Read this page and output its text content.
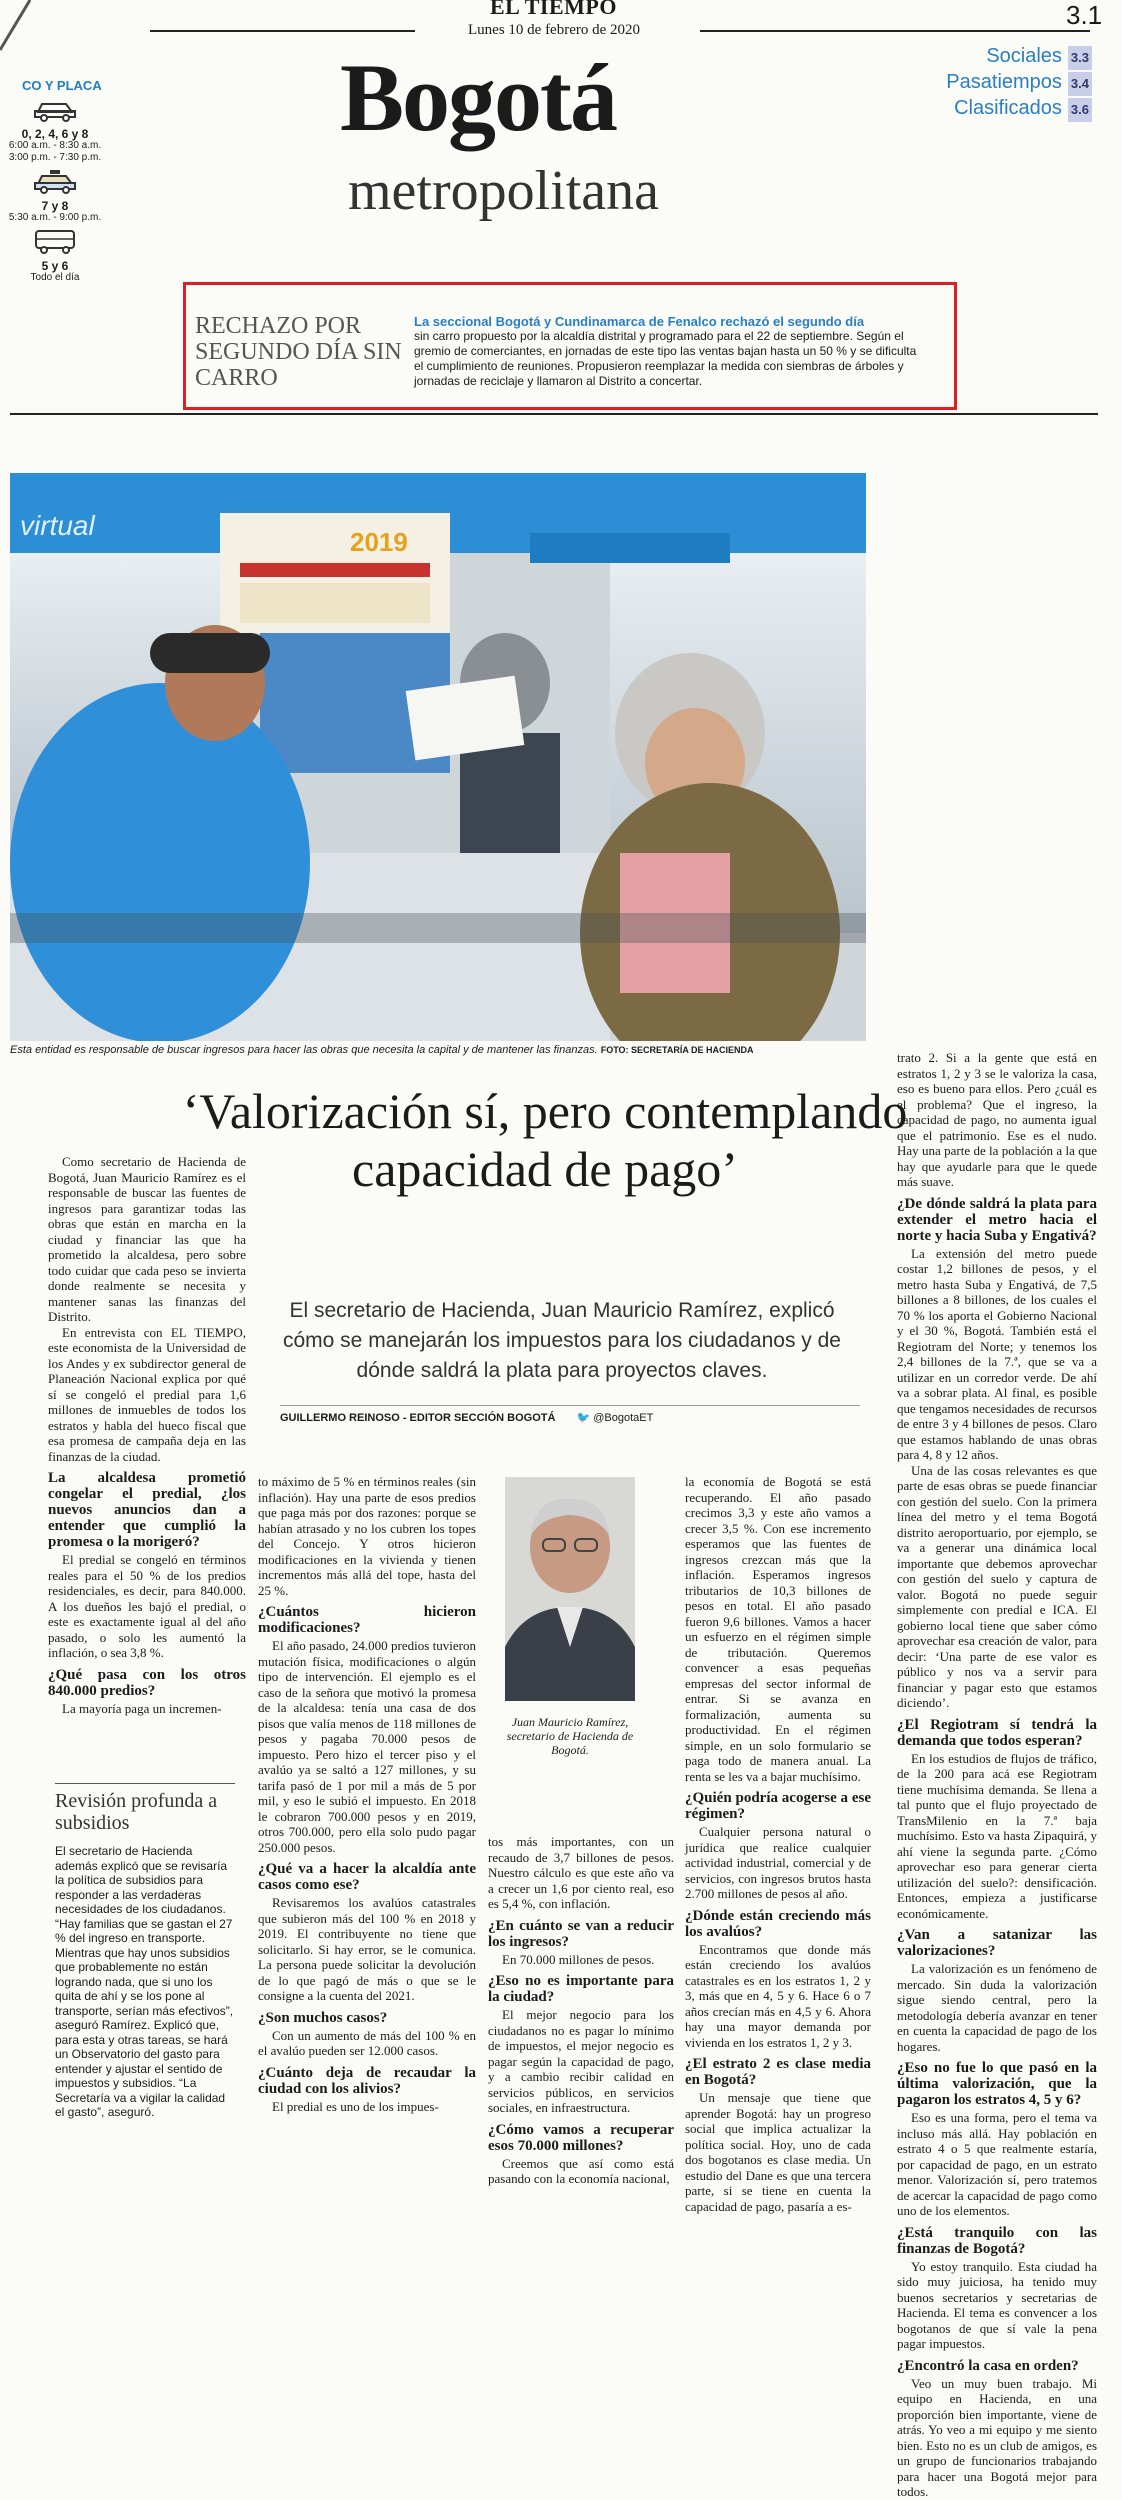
EL TIEMPO
Lunes 10 de febrero de 2020	3.1
Bogotá
metropolitana
Sociales 3.3
Pasatiempos 3.4
Clasificados 3.6
CO Y PLACA
0, 2, 4, 6 y 8
6:00 a.m. - 8:30 a.m. 3:00 p.m. - 7:30 p.m.
7 y 8
5:30 a.m. - 9:00 p.m.
5 y 6
Todo el día
RECHAZO POR SEGUNDO DÍA SIN CARRO
La seccional Bogotá y Cundinamarca de Fenalco rechazó el segundo día
sin carro propuesto por la alcaldía distrital y programado para el 22 de septiembre. Según el gremio de comerciantes, en jornadas de este tipo las ventas bajan hasta un 50 % y se dificulta el cumplimiento de reuniones. Propusieron reemplazar la medida con siembras de árboles y jornadas de reciclaje y llamaron al Distrito a concertar.
virtual
2019
Esta entidad es responsable de buscar ingresos para hacer las obras que necesita la capital y de mantener las finanzas. FOTO: SECRETARÍA DE HACIENDA
‘Valorización sí, pero contemplando capacidad de pago’
El secretario de Hacienda, Juan Mauricio Ramírez, explicó cómo se manejarán los impuestos para los ciudadanos y de dónde saldrá la plata para proyectos claves.
GUILLERMO REINOSO - EDITOR SECCIÓN BOGOTÁ 🐦 @BogotaET

Como secretario de Hacienda de Bogotá, Juan Mauricio Ramírez es el responsable de buscar las fuentes de ingresos para garantizar todas las obras que están en marcha en la ciudad y financiar las que ha prometido la alcaldesa, pero sobre todo cuidar que cada peso se invierta donde realmente se necesita y mantener sanas las finanzas del Distrito.

En entrevista con EL TIEMPO, este economista de la Universidad de los Andes y ex subdirector general de Planeación Nacional explica por qué sí se congeló el predial para 1,6 millones de inmuebles de todos los estratos y habla del hueco fiscal que esa promesa de campaña deja en las finanzas de la ciudad.

La alcaldesa prometió congelar el predial, ¿los nuevos anuncios dan a entender que cumplió la promesa o la morigeró?

El predial se congeló en términos reales para el 50 % de los predios residenciales, es decir, para 840.000. A los dueños les bajó el predial, o este es exactamente igual al del año pasado, o solo les aumentó la inflación, o sea 3,8 %.

¿Qué pasa con los otros 840.000 predios?

La mayoría paga un incremen-

to máximo de 5 % en términos reales (sin inflación). Hay una parte de esos predios que paga más por dos razones: porque se habían atrasado y no los cubren los topes del Concejo. Y otros hicieron modificaciones en la vivienda y tienen incrementos más allá del tope, hasta del 25 %.

¿Cuántos hicieron modificaciones?

El año pasado, 24.000 predios tuvieron mutación física, modificaciones o algún tipo de intervención. El ejemplo es el caso de la señora que motivó la promesa de la alcaldesa: tenía una casa de dos pisos que valía menos de 118 millones de pesos y pagaba 70.000 pesos de impuesto. Pero hizo el tercer piso y el avalúo ya se saltó a 127 millones, y su tarifa pasó de 1 por mil a más de 5 por mil, y eso le subió el impuesto. En 2018 le cobraron 700.000 pesos y en 2019, otros 700.000, pero ella solo pudo pagar 250.000 pesos.

¿Qué va a hacer la alcaldía ante casos como ese?

Revisaremos los avalúos catastrales que subieron más del 100 % en 2018 y 2019. El contribuyente no tiene que solicitarlo. Si hay error, se le comunica. La persona puede solicitar la devolución de lo que pagó de más o que se le consigne a la cuenta del 2021.

¿Son muchos casos?

Con un aumento de más del 100 % en el avalúo pueden ser 12.000 casos.

¿Cuánto deja de recaudar la ciudad con los alivios?

El predial es uno de los impues-

tos más importantes, con un recaudo de 3,7 billones de pesos. Nuestro cálculo es que este año va a crecer un 1,6 por ciento real, eso es 5,4 %, con inflación.

¿En cuánto se van a reducir los ingresos?

En 70.000 millones de pesos.

¿Eso no es importante para la ciudad?

El mejor negocio para los ciudadanos no es pagar lo mínimo de impuestos, el mejor negocio es pagar según la capacidad de pago, y a cambio recibir calidad en servicios públicos, en servicios sociales, en infraestructura.

¿Cómo vamos a recuperar esos 70.000 millones?

Creemos que así como está pasando con la economía nacional,

la economía de Bogotá se está recuperando. El año pasado crecimos 3,3 y este año vamos a crecer 3,5 %. Con ese incremento esperamos que las fuentes de ingresos crezcan más que la inflación. Esperamos ingresos tributarios de 10,3 billones de pesos en total. El año pasado fueron 9,6 billones. Vamos a hacer un esfuerzo en el régimen simple de tributación. Queremos convencer a esas pequeñas empresas del sector informal de entrar. Si se avanza en formalización, aumenta su productividad. En el régimen simple, en un solo formulario se paga todo de manera anual. La renta se les va a bajar muchísimo.

¿Quién podría acogerse a ese régimen?

Cualquier persona natural o jurídica que realice cualquier actividad industrial, comercial y de servicios, con ingresos brutos hasta 2.700 millones de pesos al año.

¿Dónde están creciendo más los avalúos?

Encontramos que donde más están creciendo los avalúos catastrales es en los estratos 1, 2 y 3, más que en 4, 5 y 6. Hace 6 o 7 años crecían más en 4,5 y 6. Ahora hay una mayor demanda por vivienda en los estratos 1, 2 y 3.

¿El estrato 2 es clase media en Bogotá?

Un mensaje que tiene que aprender Bogotá: hay un progreso social que implica actualizar la política social. Hoy, uno de cada dos bogotanos es clase media. Un estudio del Dane es que una tercera parte, si se tiene en cuenta la capacidad de pago, pasaría a es-

trato 2. Si a la gente que está en estratos 1, 2 y 3 se le valoriza la casa, eso es bueno para ellos. Pero ¿cuál es el problema? Que el ingreso, la capacidad de pago, no aumenta igual que el patrimonio. Ese es el nudo. Hay una parte de la población a la que hay que ayudarle para que le quede más suave.

¿De dónde saldrá la plata para extender el metro hacia el norte y hacia Suba y Engativá?

La extensión del metro puede costar 1,2 billones de pesos, y el metro hasta Suba y Engativá, de 7,5 billones a 8 billones, de los cuales el 70 % los aporta el Gobierno Nacional y el 30 %, Bogotá. También está el Regiotram del Norte; y tenemos los 2,4 billones de la 7.ª, que se va a utilizar en un corredor verde. De ahí va a sobrar plata. Al final, es posible que tengamos necesidades de recursos de entre 3 y 4 billones de pesos. Claro que estamos hablando de unas obras para 4, 8 y 12 años.

Una de las cosas relevantes es que parte de esas obras se puede financiar con gestión del suelo. Con la primera línea del metro y el tema Bogotá distrito aeroportuario, por ejemplo, se va a generar una dinámica local importante que debemos aprovechar con gestión del suelo y captura de valor. Bogotá no puede seguir simplemente con predial e ICA. El gobierno local tiene que saber cómo aprovechar esa creación de valor, para decir: ‘Una parte de ese valor es público y nos va a servir para financiar y pagar esto que estamos diciendo’.

¿El Regiotram sí tendrá la demanda que todos esperan?

En los estudios de flujos de tráfico, de la 200 para acá ese Regiotram tiene muchísima demanda. Se llena a tal punto que el flujo proyectado de TransMilenio en la 7.ª baja muchísimo. Esto va hasta Zipaquirá, y ahí viene la segunda parte. ¿Cómo aprovechar eso para generar cierta utilización del suelo?: densificación. Entonces, empieza a justificarse económicamente.

¿Van a satanizar las valorizaciones?

La valorización es un fenómeno de mercado. Sin duda la valorización sigue siendo central, pero la metodología debería avanzar en tener en cuenta la capacidad de pago de los hogares.

¿Eso no fue lo que pasó en la última valorización, que la pagaron los estratos 4, 5 y 6?

Eso es una forma, pero el tema va incluso más allá. Hay población en estrato 4 o 5 que realmente estaría, por capacidad de pago, en un estrato menor. Valorización sí, pero tratemos de acercar la capacidad de pago como uno de los elementos.

¿Está tranquilo con las finanzas de Bogotá?

Yo estoy tranquilo. Esta ciudad ha sido muy juiciosa, ha tenido muy buenos secretarios y secretarias de Hacienda. El tema es convencer a los bogotanos de que sí vale la pena pagar impuestos.

¿Encontró la casa en orden?

Veo un muy buen trabajo. Mi equipo en Hacienda, en una proporción bien importante, viene de atrás. Yo veo a mi equipo y me siento bien. Esto no es un club de amigos, es un grupo de funcionarios trabajando para hacer una Bogotá mejor para todos.

Revisión profunda a subsidios
El secretario de Hacienda además explicó que se revisaría la política de subsidios para responder a las verdaderas necesidades de los ciudadanos. “Hay familias que se gastan el 27 % del ingreso en transporte. Mientras que hay unos subsidios que probablemente no están logrando nada, que si uno los quita de ahí y se los pone al transporte, serían más efectivos”, aseguró Ramírez. Explicó que, para esta y otras tareas, se hará un Observatorio del gasto para entender y ajustar el sentido de impuestos y subsidios. “La Secretaría va a vigilar la calidad el gasto”, aseguró.
Juan Mauricio Ramírez, secretario de Hacienda de Bogotá.
